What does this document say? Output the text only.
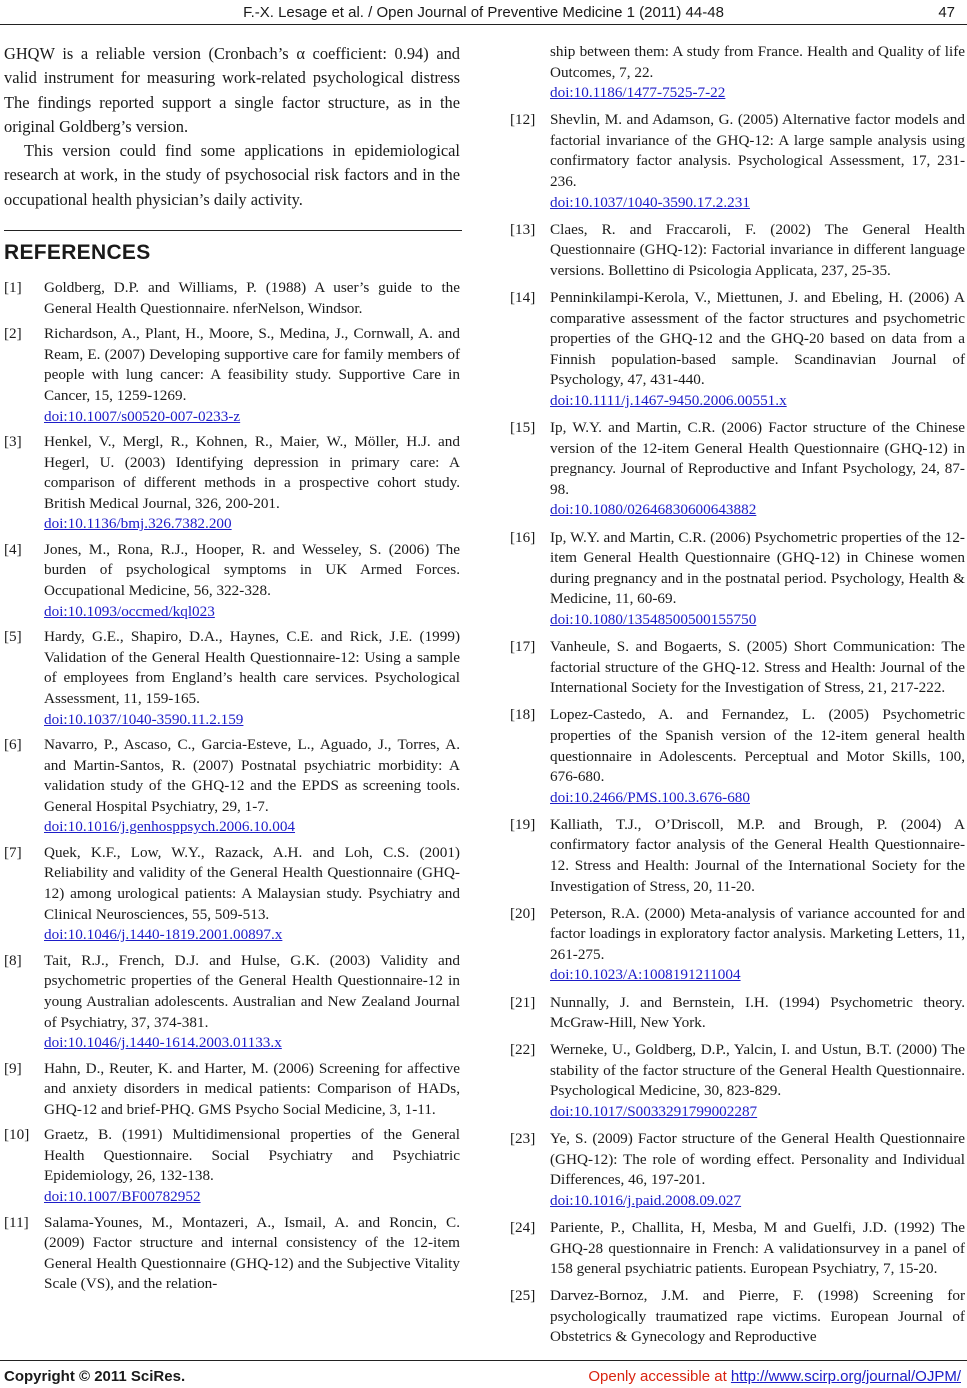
F.-X. Lesage et al. / Open Journal of Preventive Medicine 1 (2011) 44-48	47

GHQW is a reliable version (Cronbach’s α coefficient: 0.94) and valid instrument for measuring work-related psychological distress The findings reported support a single factor structure, as in the original Goldberg’s version.

This version could find some applications in epidemiological research at work, in the study of psychosocial risk factors and in the occupational health physician’s daily activity.

REFERENCES
[1] Goldberg, D.P. and Williams, P. (1988) A user’s guide to the General Health Questionnaire. nferNelson, Windsor.
[2] Richardson, A., Plant, H., Moore, S., Medina, J., Cornwall, A. and Ream, E. (2007) Developing supportive care for family members of people with lung cancer: A feasibility study. Supportive Care in Cancer, 15, 1259-1269.
doi:10.1007/s00520-007-0233-z
[3] Henkel, V., Mergl, R., Kohnen, R., Maier, W., Möller, H.J. and Hegerl, U. (2003) Identifying depression in primary care: A comparison of different methods in a prospective cohort study. British Medical Journal, 326, 200-201.
doi:10.1136/bmj.326.7382.200
[4] Jones, M., Rona, R.J., Hooper, R. and Wesseley, S. (2006) The burden of psychological symptoms in UK Armed Forces. Occupational Medicine, 56, 322-328.
doi:10.1093/occmed/kql023
[5] Hardy, G.E., Shapiro, D.A., Haynes, C.E. and Rick, J.E. (1999) Validation of the General Health Questionnaire-12: Using a sample of employees from England’s health care services. Psychological Assessment, 11, 159-165.
doi:10.1037/1040-3590.11.2.159
[6] Navarro, P., Ascaso, C., Garcia-Esteve, L., Aguado, J., Torres, A. and Martin-Santos, R. (2007) Postnatal psychiatric morbidity: A validation study of the GHQ-12 and the EPDS as screening tools. General Hospital Psychiatry, 29, 1-7.
doi:10.1016/j.genhosppsych.2006.10.004
[7] Quek, K.F., Low, W.Y., Razack, A.H. and Loh, C.S. (2001) Reliability and validity of the General Health Questionnaire (GHQ-12) among urological patients: A Malaysian study. Psychiatry and Clinical Neurosciences, 55, 509-513.
doi:10.1046/j.1440-1819.2001.00897.x
[8] Tait, R.J., French, D.J. and Hulse, G.K. (2003) Validity and psychometric properties of the General Health Questionnaire-12 in young Australian adolescents. Australian and New Zealand Journal of Psychiatry, 37, 374-381.
doi:10.1046/j.1440-1614.2003.01133.x
[9] Hahn, D., Reuter, K. and Harter, M. (2006) Screening for affective and anxiety disorders in medical patients: Comparison of HADs, GHQ-12 and brief-PHQ. GMS Psycho Social Medicine, 3, 1-11.
[10] Graetz, B. (1991) Multidimensional properties of the General Health Questionnaire. Social Psychiatry and Psychiatric Epidemiology, 26, 132-138.
doi:10.1007/BF00782952
[11] Salama-Younes, M., Montazeri, A., Ismail, A. and Roncin, C. (2009) Factor structure and internal consistency of the 12-item General Health Questionnaire (GHQ-12) and the Subjective Vitality Scale (VS), and the relation-
ship between them: A study from France. Health and Quality of life Outcomes, 7, 22.
doi:10.1186/1477-7525-7-22
[12] Shevlin, M. and Adamson, G. (2005) Alternative factor models and factorial invariance of the GHQ-12: A large sample analysis using confirmatory factor analysis. Psychological Assessment, 17, 231-236.
doi:10.1037/1040-3590.17.2.231
[13] Claes, R. and Fraccaroli, F. (2002) The General Health Questionnaire (GHQ-12): Factorial invariance in different language versions. Bollettino di Psicologia Applicata, 237, 25-35.
[14] Penninkilampi-Kerola, V., Miettunen, J. and Ebeling, H. (2006) A comparative assessment of the factor structures and psychometric properties of the GHQ-12 and the GHQ-20 based on data from a Finnish population-based sample. Scandinavian Journal of Psychology, 47, 431-440.
doi:10.1111/j.1467-9450.2006.00551.x
[15] Ip, W.Y. and Martin, C.R. (2006) Factor structure of the Chinese version of the 12-item General Health Questionnaire (GHQ-12) in pregnancy. Journal of Reproductive and Infant Psychology, 24, 87-98.
doi:10.1080/02646830600643882
[16] Ip, W.Y. and Martin, C.R. (2006) Psychometric properties of the 12-item General Health Questionnaire (GHQ-12) in Chinese women during pregnancy and in the postnatal period. Psychology, Health & Medicine, 11, 60-69.
doi:10.1080/13548500500155750
[17] Vanheule, S. and Bogaerts, S. (2005) Short Communication: The factorial structure of the GHQ-12. Stress and Health: Journal of the International Society for the Investigation of Stress, 21, 217-222.
[18] Lopez-Castedo, A. and Fernandez, L. (2005) Psychometric properties of the Spanish version of the 12-item general health questionnaire in Adolescents. Perceptual and Motor Skills, 100, 676-680.
doi:10.2466/PMS.100.3.676-680
[19] Kalliath, T.J., O’Driscoll, M.P. and Brough, P. (2004) A confirmatory factor analysis of the General Health Questionnaire-12. Stress and Health: Journal of the International Society for the Investigation of Stress, 20, 11-20.
[20] Peterson, R.A. (2000) Meta-analysis of variance accounted for and factor loadings in exploratory factor analysis. Marketing Letters, 11, 261-275.
doi:10.1023/A:1008191211004
[21] Nunnally, J. and Bernstein, I.H. (1994) Psychometric theory. McGraw-Hill, New York.
[22] Werneke, U., Goldberg, D.P., Yalcin, I. and Ustun, B.T. (2000) The stability of the factor structure of the General Health Questionnaire. Psychological Medicine, 30, 823-829.
doi:10.1017/S0033291799002287
[23] Ye, S. (2009) Factor structure of the General Health Questionnaire (GHQ-12): The role of wording effect. Personality and Individual Differences, 46, 197-201.
doi:10.1016/j.paid.2008.09.027
[24] Pariente, P., Challita, H, Mesba, M and Guelfi, J.D. (1992) The GHQ-28 questionnaire in French: A validationsurvey in a panel of 158 general psychiatric patients. European Psychiatry, 7, 15-20.
[25] Darvez-Bornoz, J.M. and Pierre, F. (1998) Screening for psychologically traumatized rape victims. European Journal of Obstetrics & Gynecology and Reproductive
Copyright © 2011 SciRes.	Openly accessible at http://www.scirp.org/journal/OJPM/
